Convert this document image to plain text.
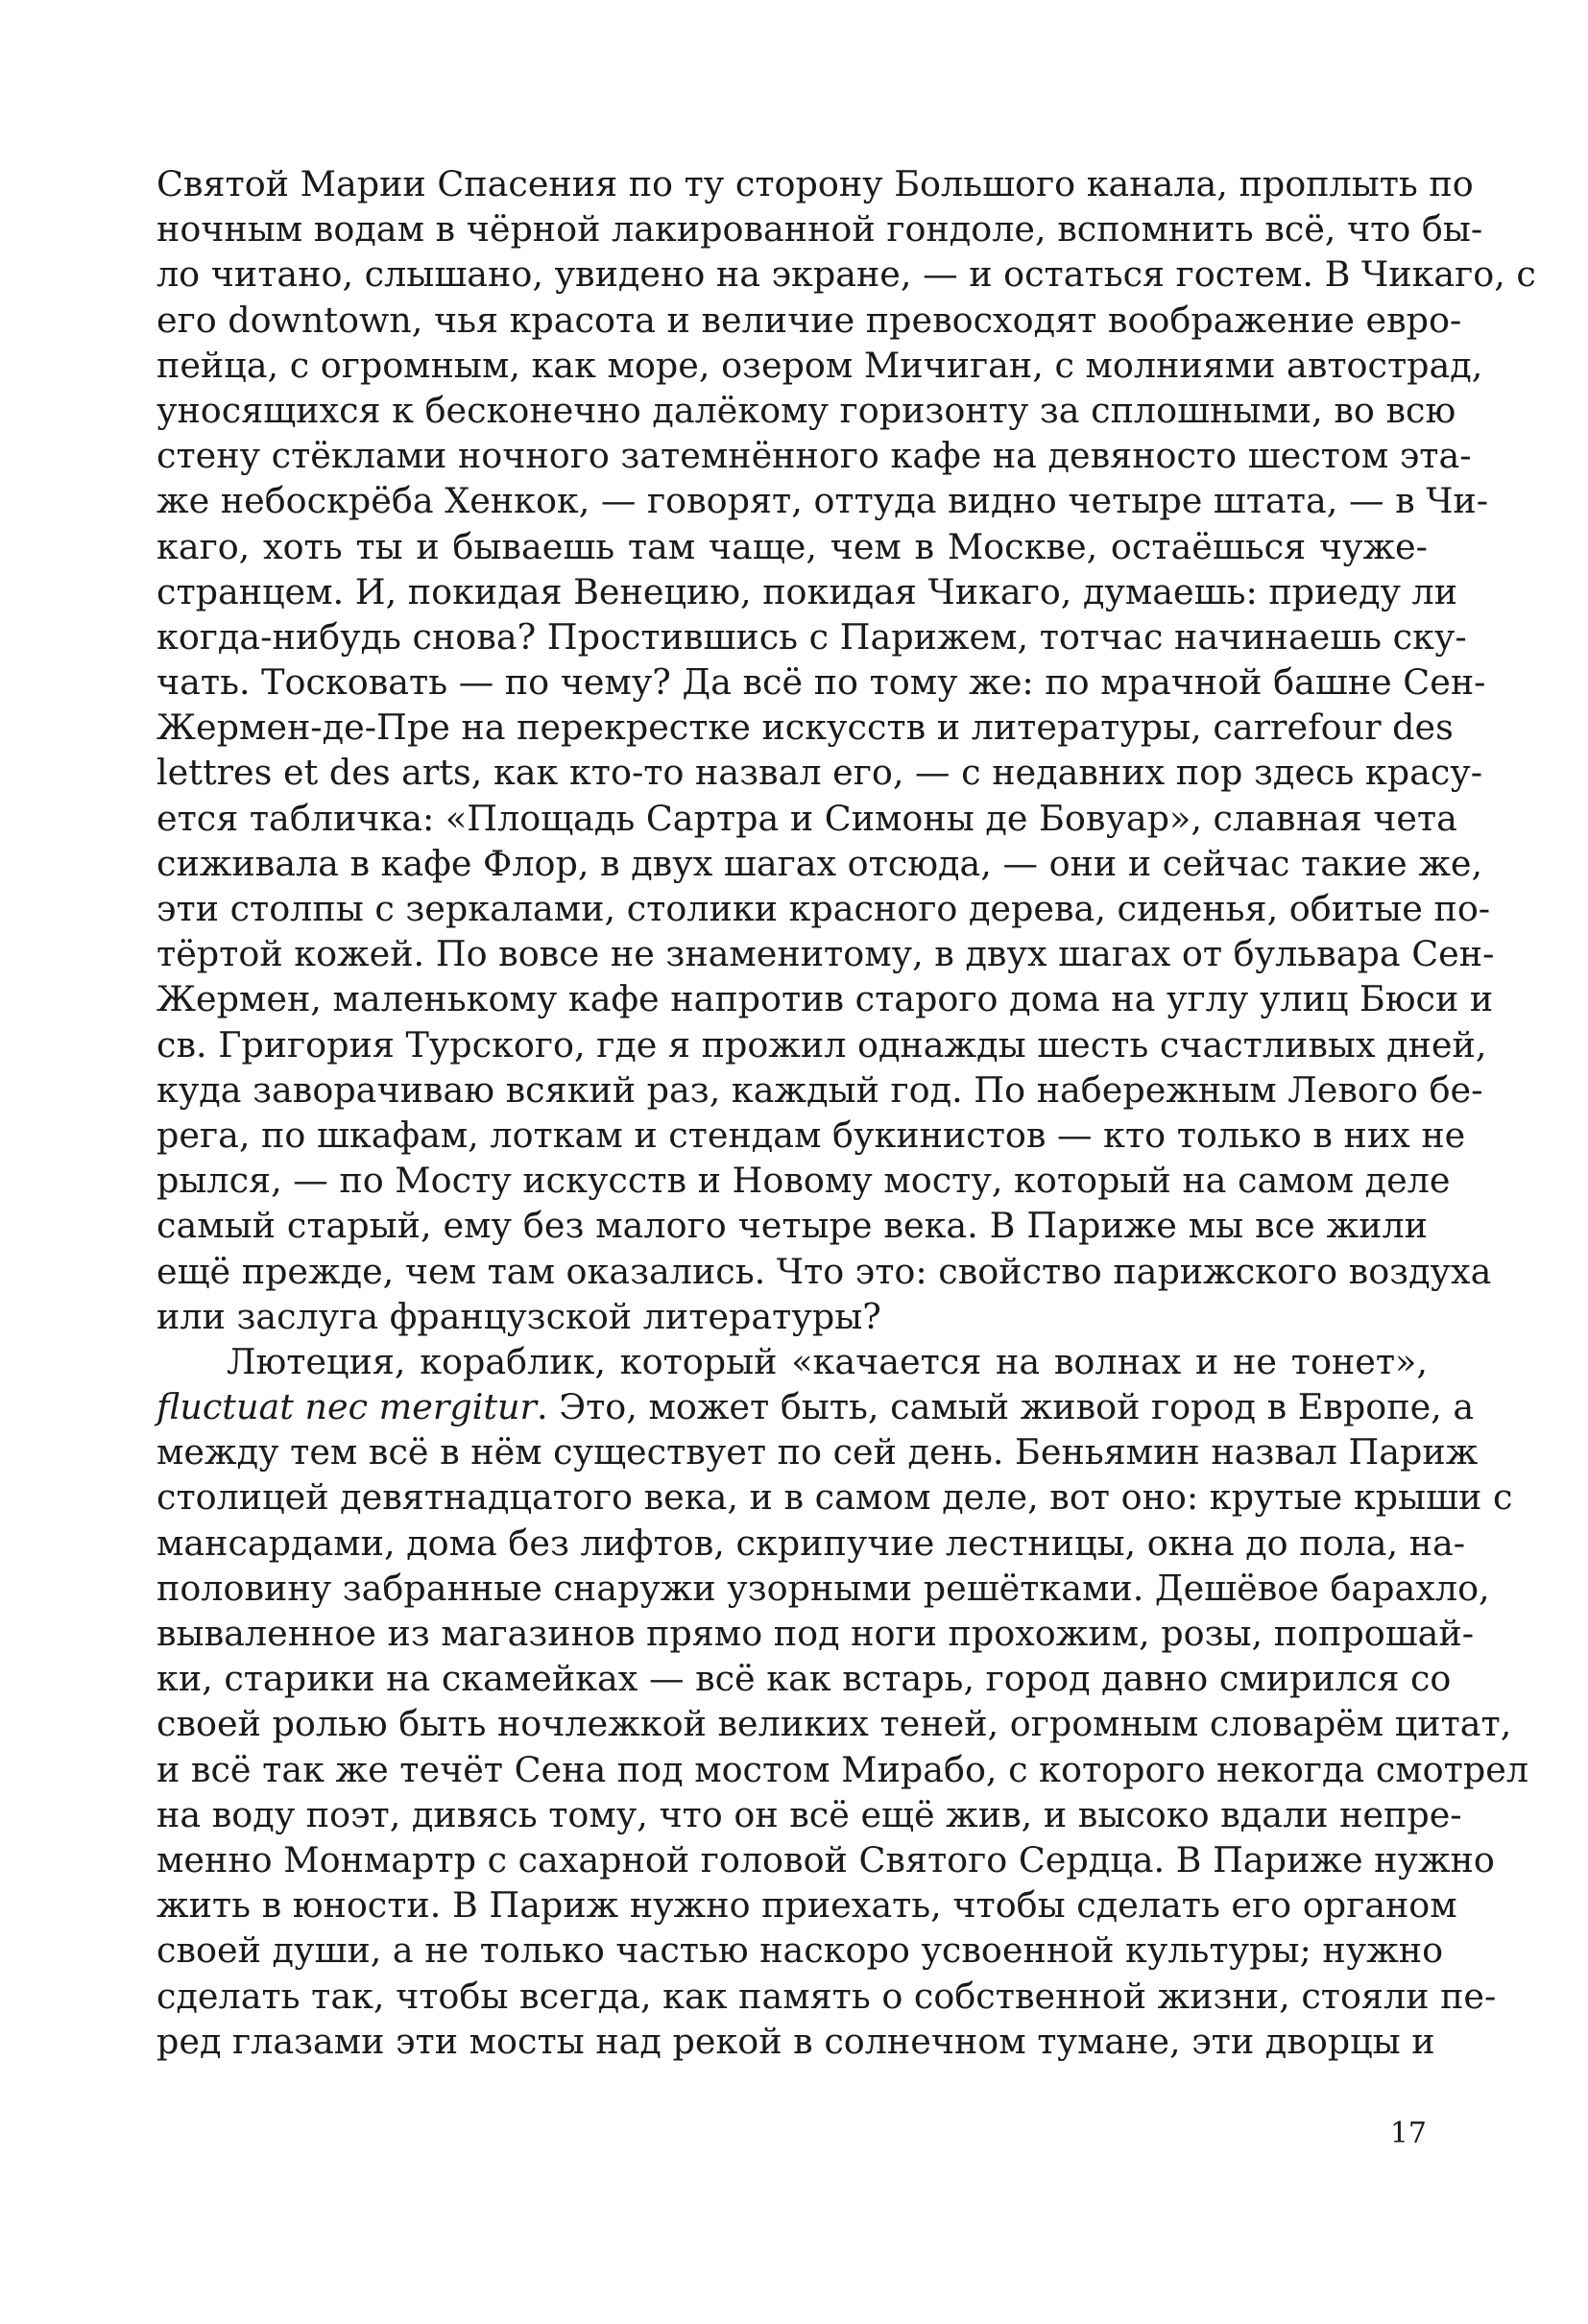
Святой Марии Спасения по ту сторону Большого канала, проплыть по
ночным водам в чёрной лакированной гондоле, вспомнить всё, что бы-
ло читано, слышано, увидено на экране, — и остаться гостем. В Чикаго, с
его downtown, чья красота и величие превосходят воображение евро-
пейца, с огромным, как море, озером Мичиган, с молниями автострад,
уносящихся к бесконечно далёкому горизонту за сплошными, во всю
стену стёклами ночного затемнённого кафе на девяносто шестом эта-
же небоскрёба Хенкок, — говорят, оттуда видно четыре штата, — в Чи-
каго, хоть ты и бываешь там чаще, чем в Москве, остаёшься чуже-
странцем. И, покидая Венецию, покидая Чикаго, думаешь: приеду ли
когда-нибудь снова? Простившись с Парижем, тотчас начинаешь ску-
чать. Тосковать — по чему? Да всё по тому же: по мрачной башне Сен-
Жермен-де-Пре на перекрестке искусств и литературы, carrefour des
lettres et des arts, как кто-то назвал его, — с недавних пор здесь красу-
ется табличка: «Площадь Сартра и Симоны де Бовуар», славная чета
сиживала в кафе Флор, в двух шагах отсюда, — они и сейчас такие же,
эти столпы с зеркалами, столики красного дерева, сиденья, обитые по-
тёртой кожей. По вовсе не знаменитому, в двух шагах от бульвара Сен-
Жермен, маленькому кафе напротив старого дома на углу улиц Бюси и
св. Григория Турского, где я прожил однажды шесть счастливых дней,
куда заворачиваю всякий раз, каждый год. По набережным Левого бе-
рега, по шкафам, лоткам и стендам букинистов — кто только в них не
рылся, — по Мосту искусств и Новому мосту, который на самом деле
самый старый, ему без малого четыре века. В Париже мы все жили
ещё прежде, чем там оказались. Что это: свойство парижского воздуха
или заслуга французской литературы?
Лютеция, кораблик, который «качается на волнах и не тонет»,
fluctuat nec mergitur. Это, может быть, самый живой город в Европе, а
между тем всё в нём существует по сей день. Беньямин назвал Париж
столицей девятнадцатого века, и в самом деле, вот оно: крутые крыши с
мансардами, дома без лифтов, скрипучие лестницы, окна до пола, на-
половину забранные снаружи узорными решётками. Дешёвое барахло,
вываленное из магазинов прямо под ноги прохожим, розы, попрошай-
ки, старики на скамейках — всё как встарь, город давно смирился со
своей ролью быть ночлежкой великих теней, огромным словарём цитат,
и всё так же течёт Сена под мостом Мирабо, с которого некогда смотрел
на воду поэт, дивясь тому, что он всё ещё жив, и высоко вдали непре-
менно Монмартр с сахарной головой Святого Сердца. В Париже нужно
жить в юности. В Париж нужно приехать, чтобы сделать его органом
своей души, а не только частью наскоро усвоенной культуры; нужно
сделать так, чтобы всегда, как память о собственной жизни, стояли пе-
ред глазами эти мосты над рекой в солнечном тумане, эти дворцы и
17
